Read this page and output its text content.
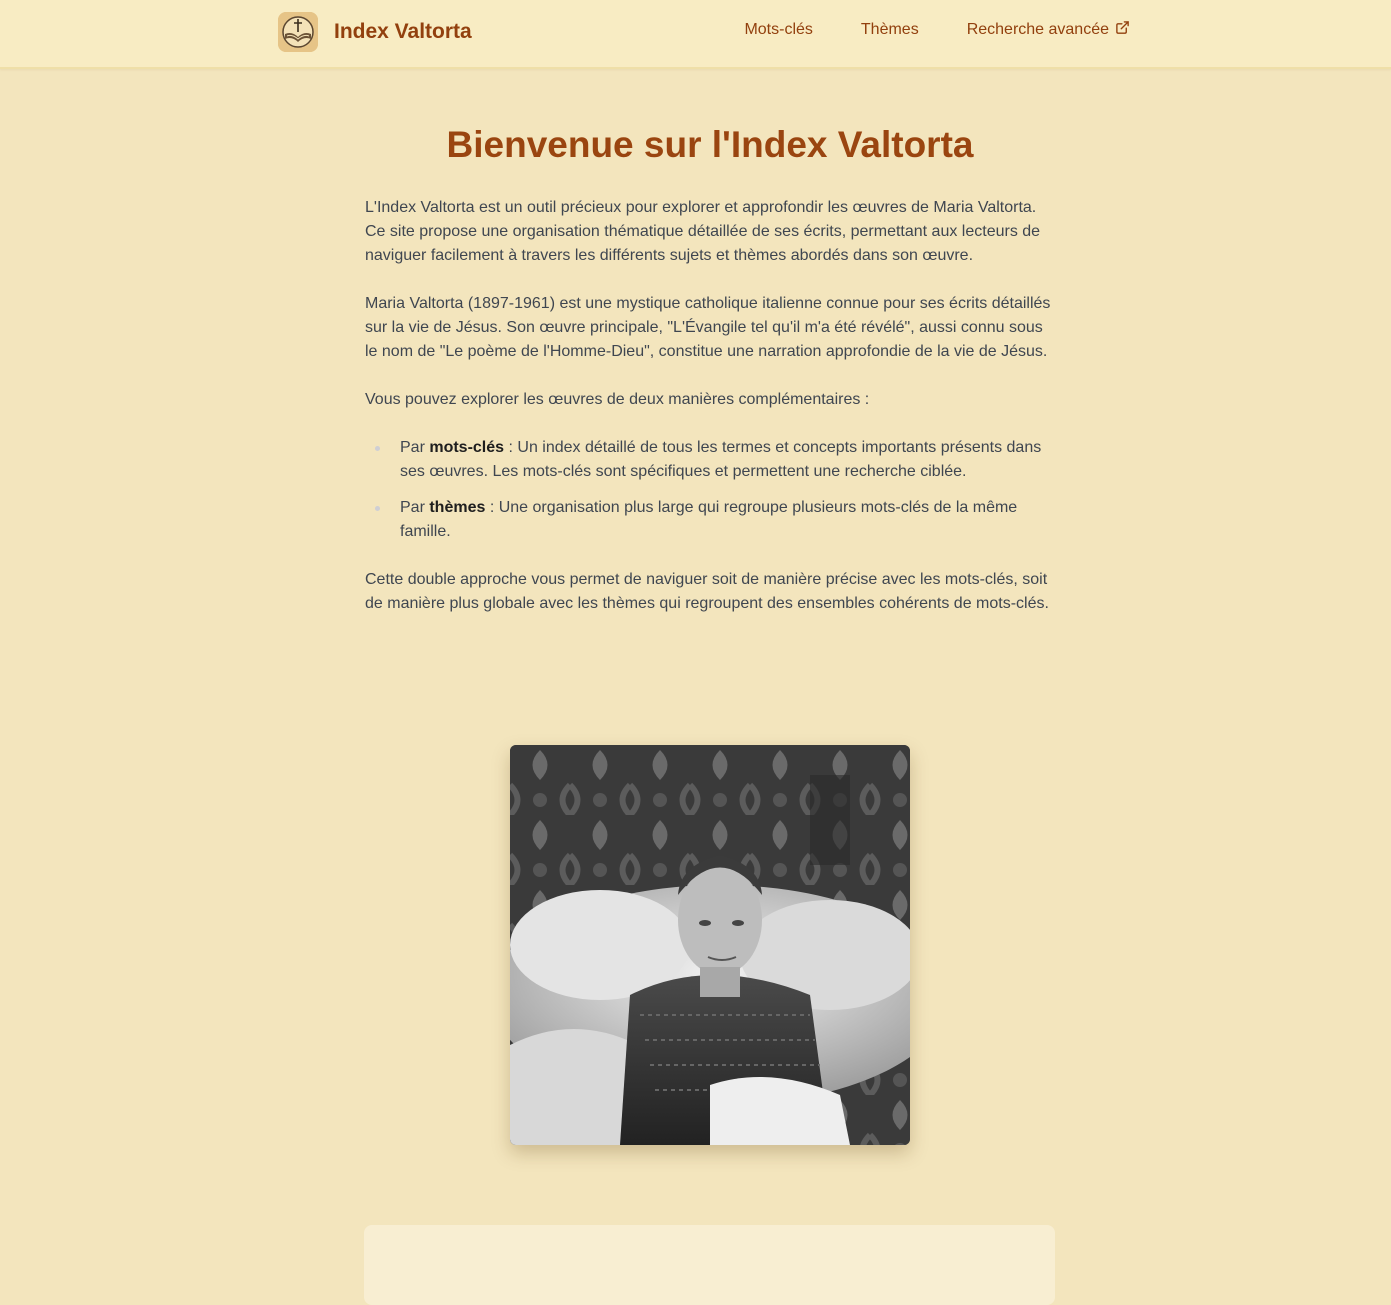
Index Valtorta	Mots-clés	Thèmes	Recherche avancée
Bienvenue sur l'Index Valtorta

L'Index Valtorta est un outil précieux pour explorer et approfondir les œuvres de Maria Valtorta. Ce site propose une organisation thématique détaillée de ses écrits, permettant aux lecteurs de naviguer facilement à travers les différents sujets et thèmes abordés dans son œuvre.

Maria Valtorta (1897-1961) est une mystique catholique italienne connue pour ses écrits détaillés sur la vie de Jésus. Son œuvre principale, "L'Évangile tel qu'il m'a été révélé", aussi connu sous le nom de "Le poème de l'Homme-Dieu", constitue une narration approfondie de la vie de Jésus.

Vous pouvez explorer les œuvres de deux manières complémentaires :

Par mots-clés : Un index détaillé de tous les termes et concepts importants présents dans ses œuvres. Les mots-clés sont spécifiques et permettent une recherche ciblée.
Par thèmes : Une organisation plus large qui regroupe plusieurs mots-clés de la même famille.

Cette double approche vous permet de naviguer soit de manière précise avec les mots-clés, soit de manière plus globale avec les thèmes qui regroupent des ensembles cohérents de mots-clés.
